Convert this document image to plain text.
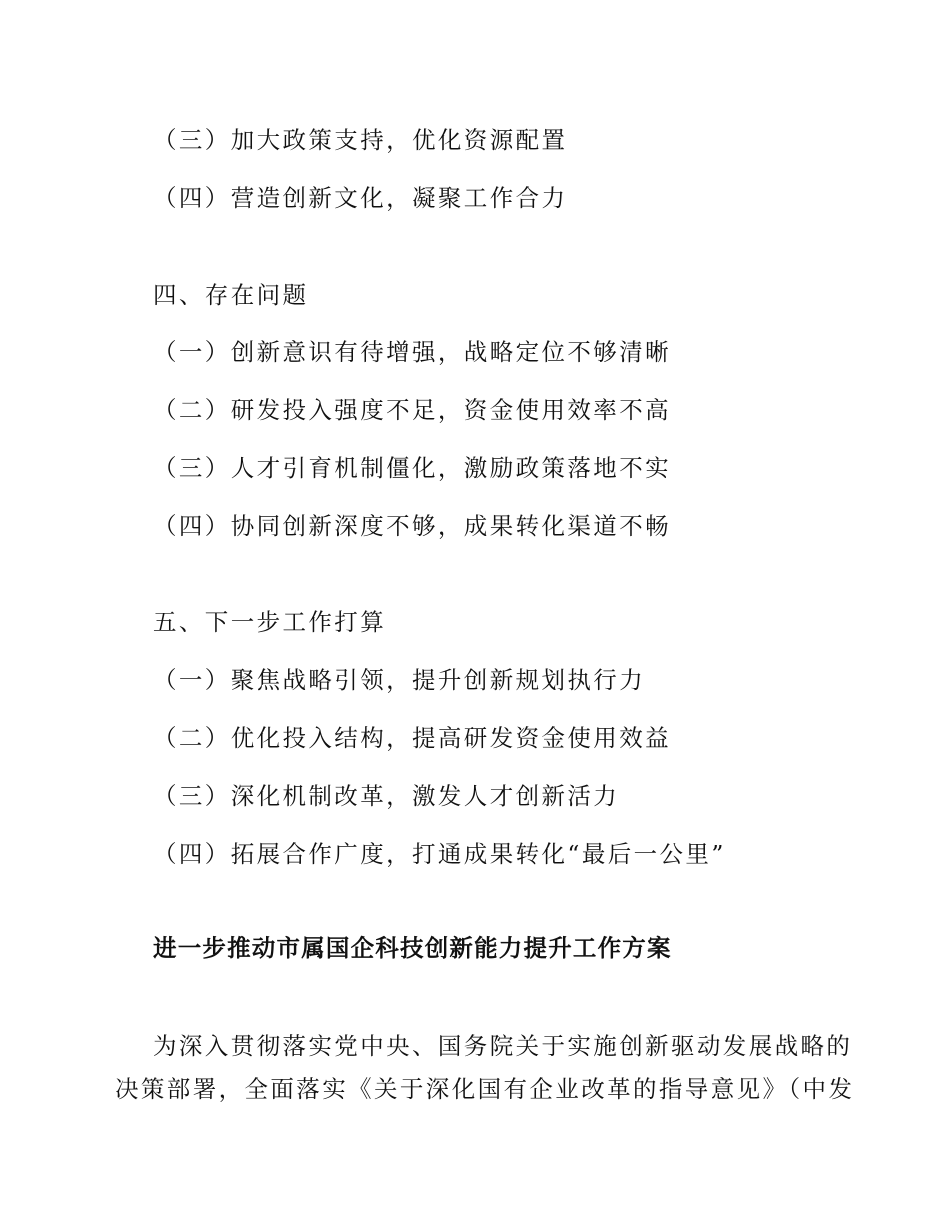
（三）加大政策支持，优化资源配置
（四）营造创新文化，凝聚工作合力
四、存在问题
（一）创新意识有待增强，战略定位不够清晰
（二）研发投入强度不足，资金使用效率不高
（三）人才引育机制僵化，激励政策落地不实
（四）协同创新深度不够，成果转化渠道不畅
五、下一步工作打算
（一）聚焦战略引领，提升创新规划执行力
（二）优化投入结构，提高研发资金使用效益
（三）深化机制改革，激发人才创新活力
（四）拓展合作广度，打通成果转化“最后一公里”
进一步推动市属国企科技创新能力提升工作方案
为深入贯彻落实党中央、国务院关于实施创新驱动发展战略的
决策部署，全面落实《关于深化国有企业改革的指导意见》（中发
